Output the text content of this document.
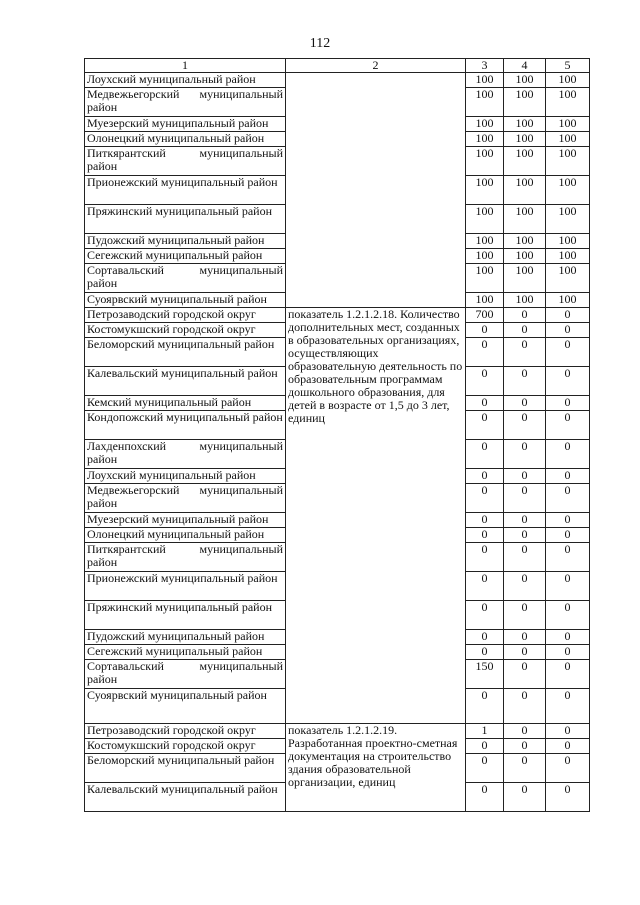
112
1	2	3	4	5
Лоухский муниципальный район		100	100	100
Медвежьегорский муниципальный район		100	100	100
Муезерский муниципальный район		100	100	100
Олонецкий муниципальный район		100	100	100
Питкярантский муниципальный район		100	100	100
Прионежский муниципальный район		100	100	100
Пряжинский муниципальный район		100	100	100
Пудожский муниципальный район		100	100	100
Сегежский муниципальный район		100	100	100
Сортавальский муниципальный район		100	100	100
Суоярвский муниципальный район		100	100	100
Петрозаводский городской округ	показатель 1.2.1.2.18. Количество дополнительных мест, созданных в образовательных организациях, осуществляющих образовательную деятельность по образовательным программам дошкольного образования, для детей в возрасте от 1,5 до 3 лет, единиц	700	0	0
Костомукшский городской округ		0	0	0
Беломорский муниципальный район		0	0	0
Калевальский муниципальный район		0	0	0
Кемский муниципальный район		0	0	0
Кондопожский муниципальный район		0	0	0
Лахденпохский муниципальный район		0	0	0
Лоухский муниципальный район		0	0	0
Медвежьегорский муниципальный район		0	0	0
Муезерский муниципальный район		0	0	0
Олонецкий муниципальный район		0	0	0
Питкярантский муниципальный район		0	0	0
Прионежский муниципальный район		0	0	0
Пряжинский муниципальный район		0	0	0
Пудожский муниципальный район		0	0	0
Сегежский муниципальный район		0	0	0
Сортавальский муниципальный район		150	0	0
Суоярвский муниципальный район		0	0	0
Петрозаводский городской округ	показатель 1.2.1.2.19. Разработанная проектно-сметная документация на строительство здания образовательной организации, единиц	1	0	0
Костомукшский городской округ		0	0	0
Беломорский муниципальный район		0	0	0
Калевальский муниципальный район		0	0	0
